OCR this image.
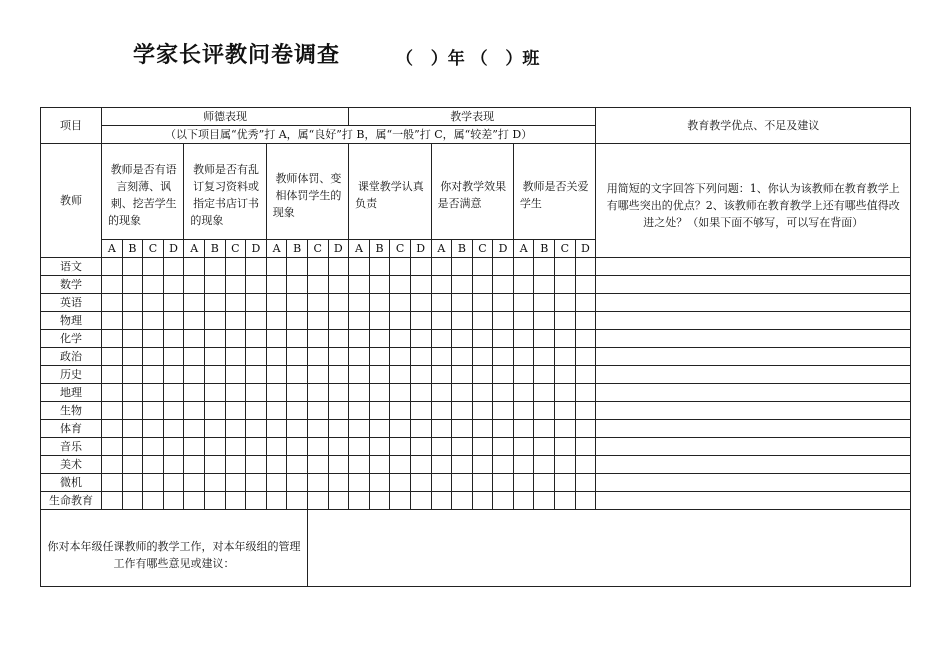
学家长评教问卷调查	（   ）年 （   ）班
项目	师德表现												教学表现												教育教学优点、不足及建议
	（以下项目属“优秀”打 A，属“良好”打 B，属“一般”打 C，属“较差”打 D）																								
教师	教师是否有语言刻薄、讽刺、挖苦学生的现象				教师是否有乱订复习资料或指定书店订书的现象				教师体罚、变相体罚学生的现象				课堂教学认真负责				你对教学效果是否满意				教师是否关爱学生				用简短的文字回答下列问题：1、你认为该教师在教育教学上有哪些突出的优点？2、该教师在教育教学上还有哪些值得改进之处？（如果下面不够写，可以写在背面）
	A	B	C	D	A	B	C	D	A	B	C	D	A	B	C	D	A	B	C	D	A	B	C	D	
语文																									
数学																									
英语																									
物理																									
化学																									
政治																									
历史																									
地理																									
生物																									
体育																									
音乐																									
美术																									
微机																									
生命教育																									
你对本年级任课教师的教学工作，对本年级组的管理工作有哪些意见或建议：																									
